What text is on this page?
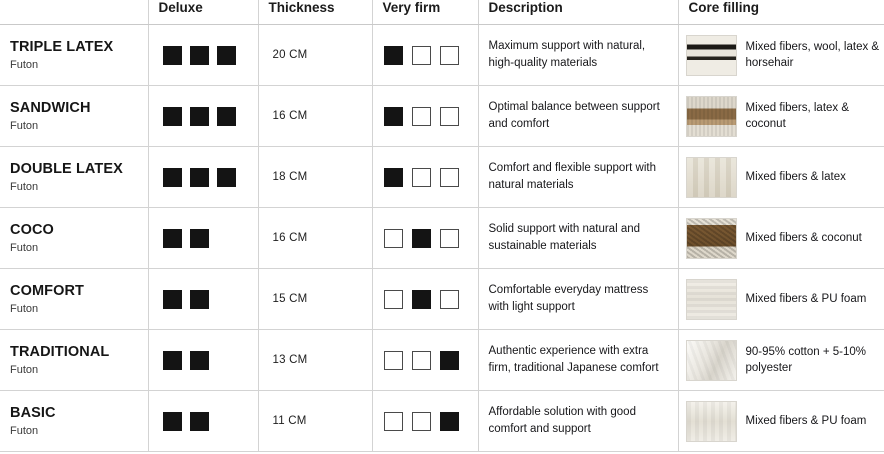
	Deluxe	Thickness	Very firm	Description	Core filling

TRIPLE LATEX
Futon		20 CM		Maximum support with natural, high-quality materials	Mixed fibers, wool, latex & horsehair

SANDWICH
Futon		16 CM		Optimal balance between support and comfort	Mixed fibers, latex & coconut

DOUBLE LATEX
Futon		18 CM		Comfort and flexible support with natural materials	Mixed fibers & latex

COCO
Futon		16 CM		Solid support with natural and sustainable materials	Mixed fibers & coconut

COMFORT
Futon		15 CM		Comfortable everyday mattress with light support	Mixed fibers & PU foam

TRADITIONAL
Futon		13 CM		Authentic experience with extra firm, traditional Japanese comfort	90-95% cotton + 5-10% polyester

BASIC
Futon		11 CM		Affordable solution with good comfort and support	Mixed fibers & PU foam
